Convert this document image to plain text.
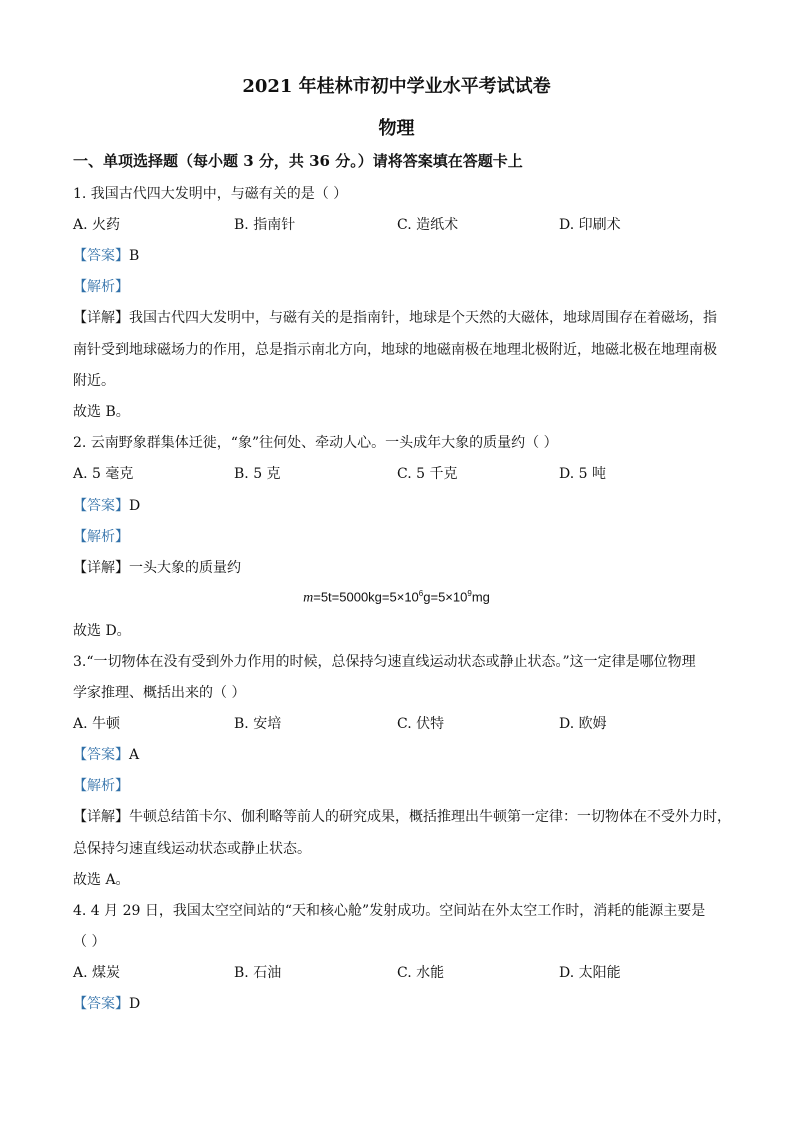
2021 年桂林市初中学业水平考试试卷
物理
一、单项选择题（每小题 3 分，共 36 分。）请将答案填在答题卡上
1. 我国古代四大发明中，与磁有关的是（ ）
A. 火药	B. 指南针	C. 造纸术	D. 印刷术
【答案】B
【解析】
【详解】我国古代四大发明中，与磁有关的是指南针，地球是个天然的大磁体，地球周围存在着磁场，指
南针受到地球磁场力的作用，总是指示南北方向，地球的地磁南极在地理北极附近，地磁北极在地理南极
附近。
故选 B。
2. 云南野象群集体迁徙，“象”往何处、牵动人心。一头成年大象的质量约（ ）
A. 5 毫克	B. 5 克	C. 5 千克	D. 5 吨
【答案】D
【解析】
【详解】一头大象的质量约
$m=5t=5000kg=5\times 10^6g=5\times 10^9mg$
故选 D。
3.“一切物体在没有受到外力作用的时候，总保持匀速直线运动状态或静止状态。”这一定律是哪位物理
学家推理、概括出来的（ ）
A. 牛顿	B. 安培	C. 伏特	D. 欧姆
【答案】A
【解析】
【详解】牛顿总结笛卡尔、伽利略等前人的研究成果，概括推理出牛顿第一定律：一切物体在不受外力时，
总保持匀速直线运动状态或静止状态。
故选 A。
4. 4 月 29 日，我国太空空间站的“天和核心舱”发射成功。空间站在外太空工作时，消耗的能源主要是
（ ）
A. 煤炭	B. 石油	C. 水能	D. 太阳能
【答案】D
